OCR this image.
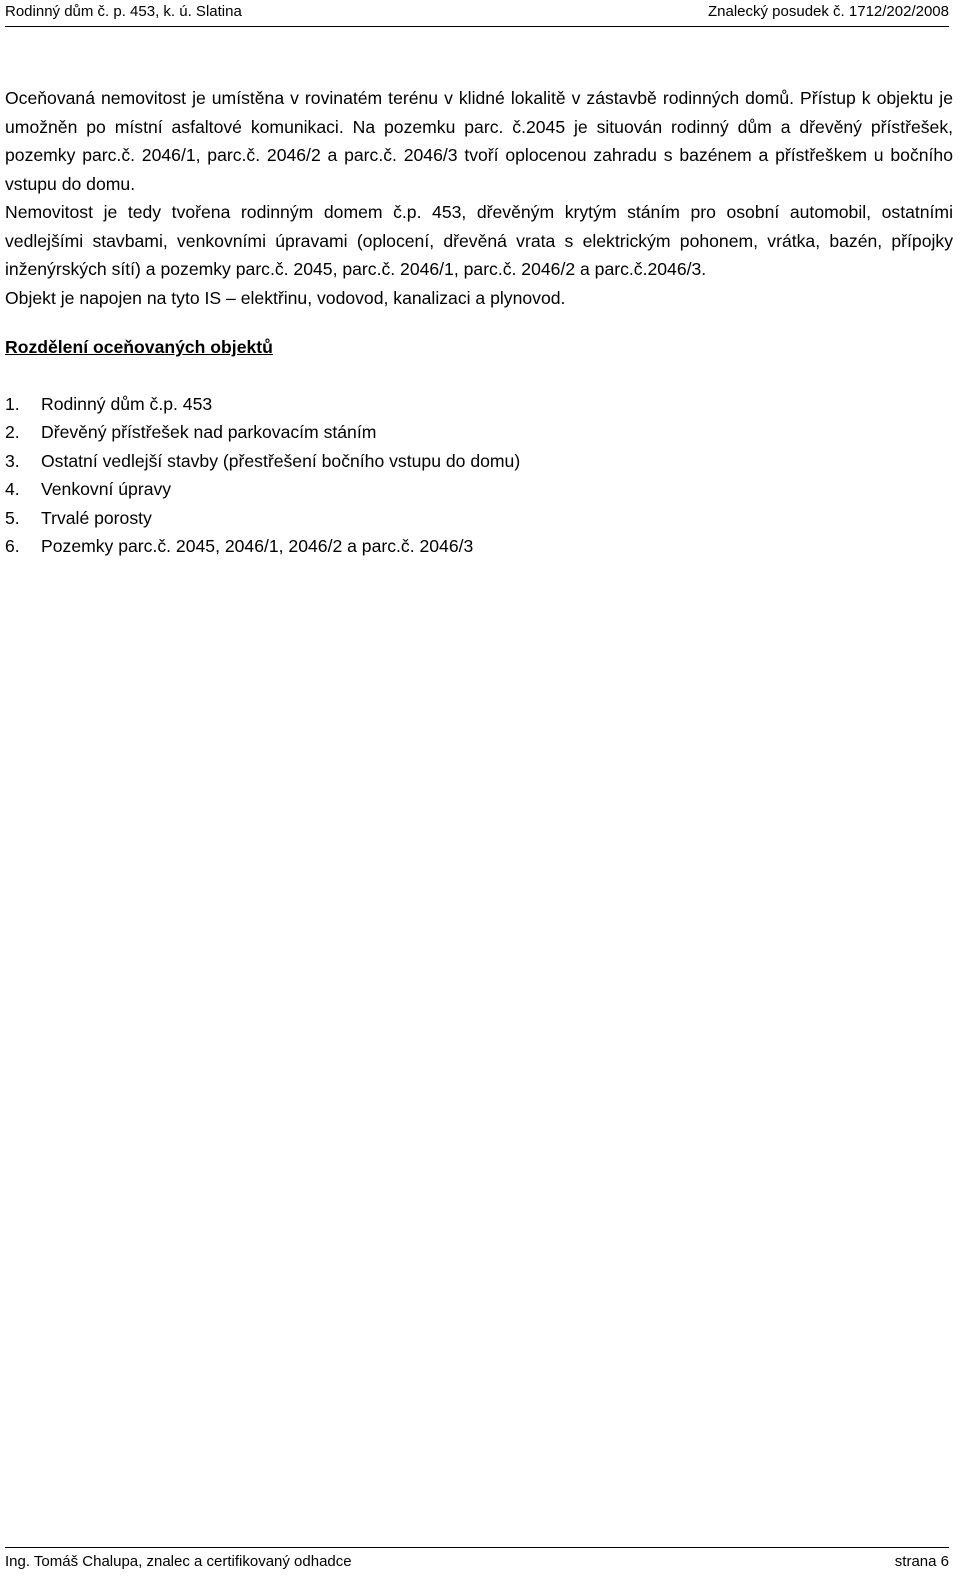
Rodinný dům č. p. 453, k. ú. Slatina	Znalecký posudek č. 1712/202/2008

Oceňovaná nemovitost je umístěna v rovinatém terénu v klidné lokalitě v zástavbě rodinných domů. Přístup k objektu je umožněn po místní asfaltové komunikaci. Na pozemku parc. č.2045 je situován rodinný dům a dřevěný přístřešek, pozemky parc.č. 2046/1, parc.č. 2046/2 a parc.č. 2046/3 tvoří oplocenou zahradu s bazénem a přístřeškem u bočního vstupu do domu.

Nemovitost je tedy tvořena rodinným domem č.p. 453, dřevěným krytým stáním pro osobní automobil, ostatními vedlejšími stavbami, venkovními úpravami (oplocení, dřevěná vrata s elektrickým pohonem, vrátka, bazén, přípojky inženýrských sítí) a pozemky parc.č. 2045, parc.č. 2046/1, parc.č. 2046/2 a parc.č.2046/3.

Objekt je napojen na tyto IS – elektřinu, vodovod, kanalizaci a plynovod.

Rozdělení oceňovaných objektů

1.	Rodinný dům č.p. 453
2.	Dřevěný přístřešek nad parkovacím stáním
3.	Ostatní vedlejší stavby (přestřešení bočního vstupu do domu)
4.	Venkovní úpravy
5.	Trvalé porosty
6.	Pozemky parc.č. 2045, 2046/1, 2046/2 a parc.č. 2046/3
Ing. Tomáš Chalupa, znalec a certifikovaný odhadce	strana 6
